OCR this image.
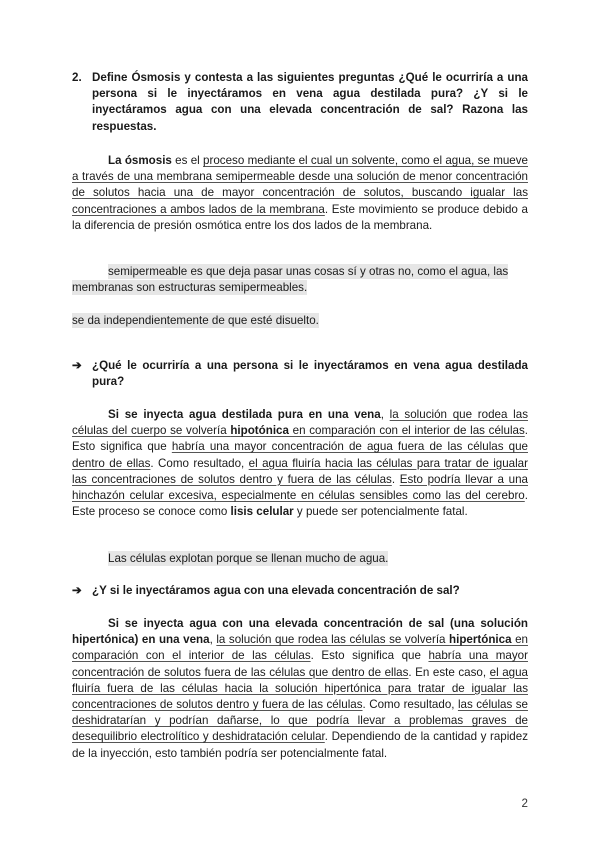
2. Define Ósmosis y contesta a las siguientes preguntas ¿Qué le ocurriría a una persona si le inyectáramos en vena agua destilada pura? ¿Y si le inyectáramos agua con una elevada concentración de sal? Razona las respuestas.
La ósmosis es el proceso mediante el cual un solvente, como el agua, se mueve a través de una membrana semipermeable desde una solución de menor concentración de solutos hacia una de mayor concentración de solutos, buscando igualar las concentraciones a ambos lados de la membrana. Este movimiento se produce debido a la diferencia de presión osmótica entre los dos lados de la membrana.
semipermeable es que deja pasar unas cosas sí y otras no, como el agua, las membranas son estructuras semipermeables.
se da independientemente de que esté disuelto.
➔ ¿Qué le ocurriría a una persona si le inyectáramos en vena agua destilada pura?
Si se inyecta agua destilada pura en una vena, la solución que rodea las células del cuerpo se volvería hipotónica en comparación con el interior de las células. Esto significa que habría una mayor concentración de agua fuera de las células que dentro de ellas. Como resultado, el agua fluiría hacia las células para tratar de igualar las concentraciones de solutos dentro y fuera de las células. Esto podría llevar a una hinchazón celular excesiva, especialmente en células sensibles como las del cerebro. Este proceso se conoce como lisis celular y puede ser potencialmente fatal.
Las células explotan porque se llenan mucho de agua.
➔ ¿Y si le inyectáramos agua con una elevada concentración de sal?
Si se inyecta agua con una elevada concentración de sal (una solución hipertónica) en una vena, la solución que rodea las células se volvería hipertónica en comparación con el interior de las células. Esto significa que habría una mayor concentración de solutos fuera de las células que dentro de ellas. En este caso, el agua fluiría fuera de las células hacia la solución hipertónica para tratar de igualar las concentraciones de solutos dentro y fuera de las células. Como resultado, las células se deshidratarían y podrían dañarse, lo que podría llevar a problemas graves de desequilibrio electrolítico y deshidratación celular. Dependiendo de la cantidad y rapidez de la inyección, esto también podría ser potencialmente fatal.
2
